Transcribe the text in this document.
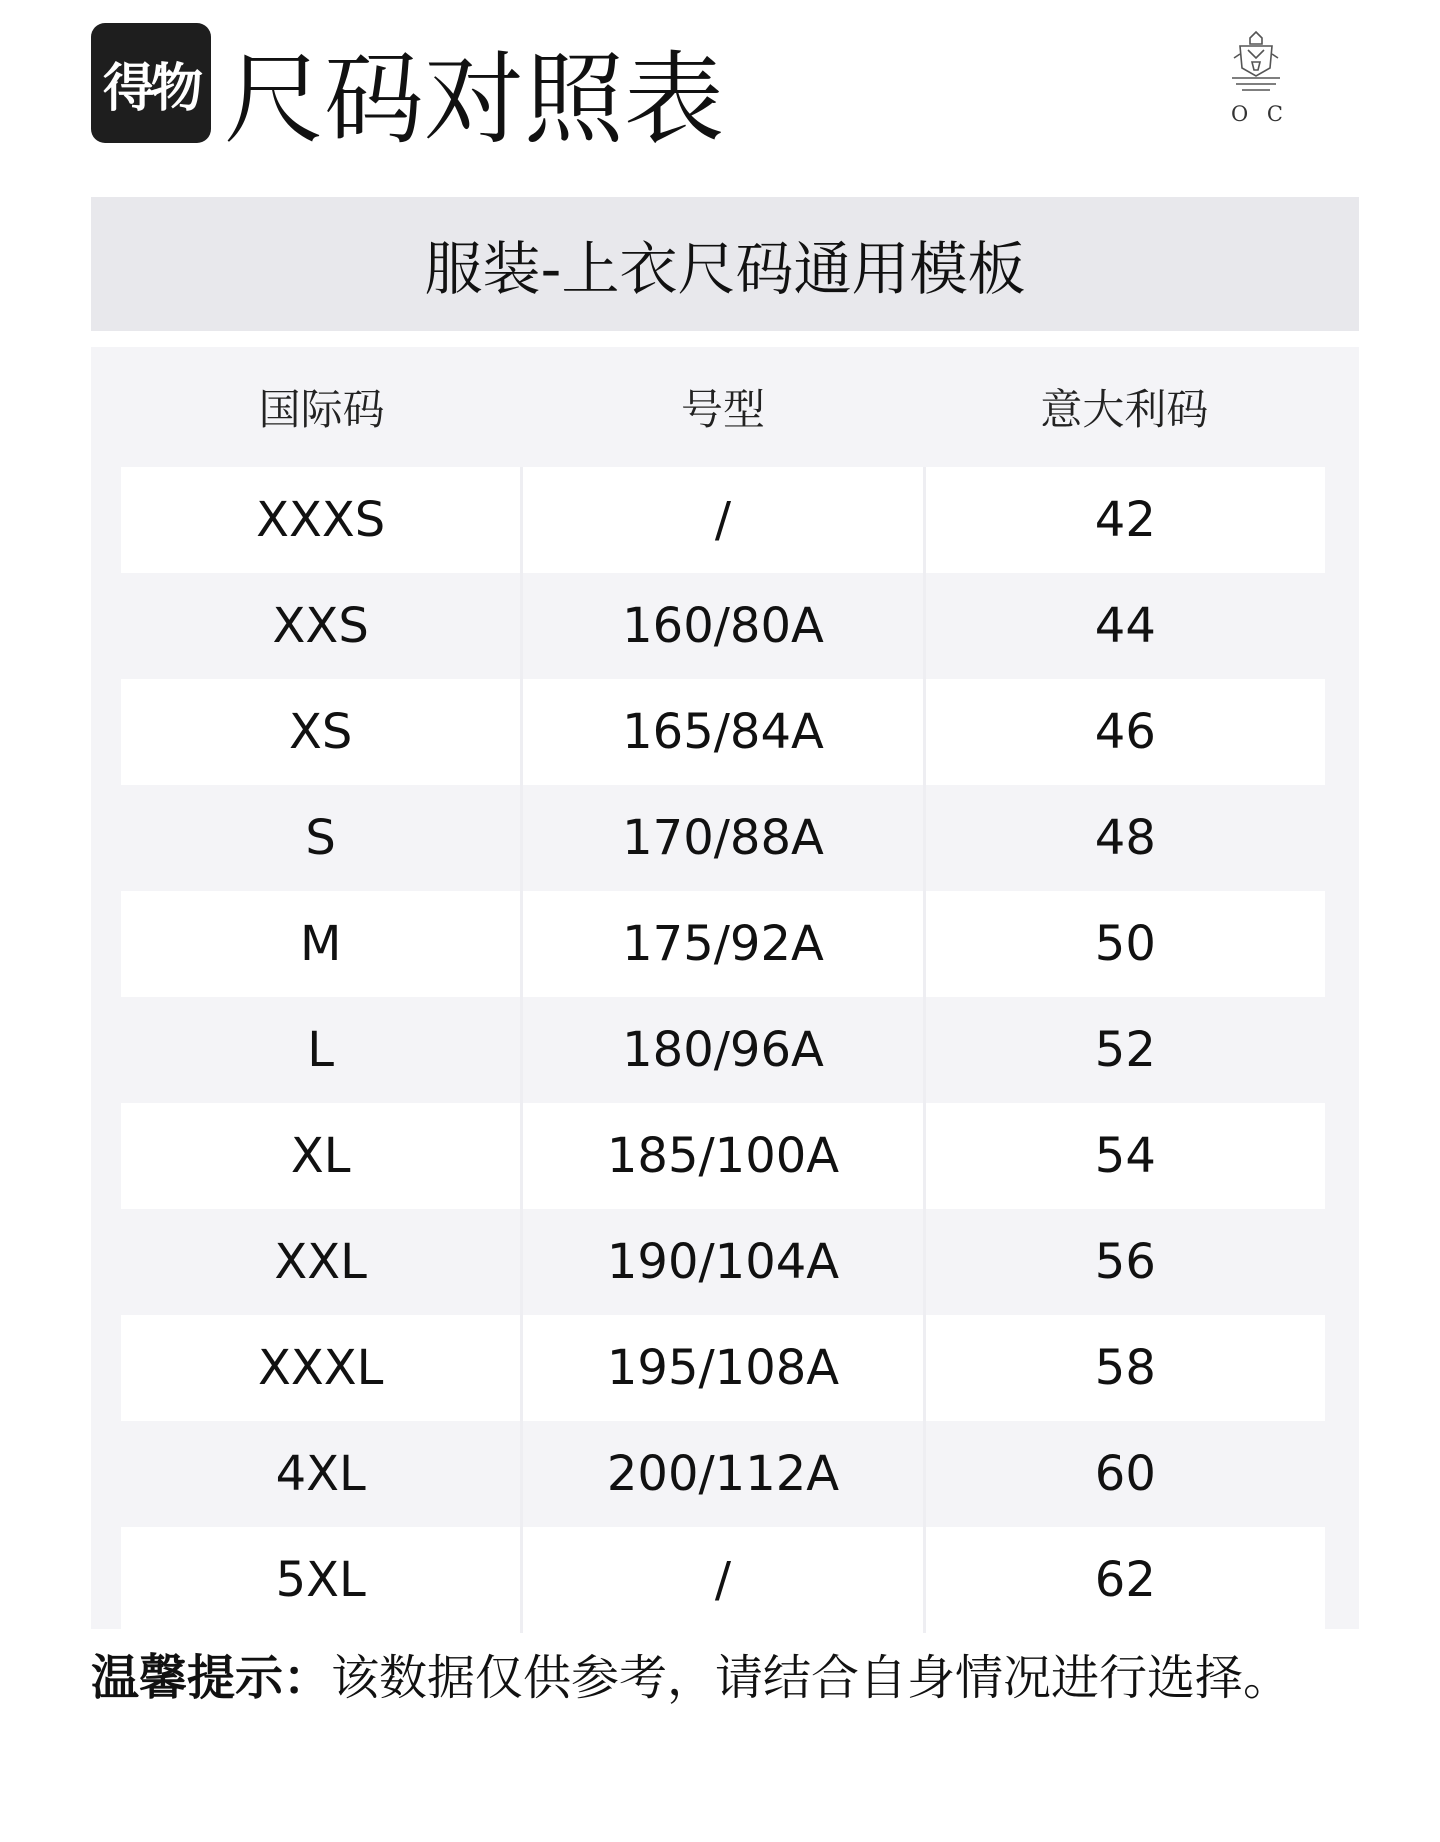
得物 尺码对照表	O C
服装-上衣尺码通用模板
国际码	号型	意大利码
XXXS	/	42
XXS	160/80A	44
XS	165/84A	46
S	170/88A	48
M	175/92A	50
L	180/96A	52
XL	185/100A	54
XXL	190/104A	56
XXXL	195/108A	58
4XL	200/112A	60
5XL	/	62
温馨提示：该数据仅供参考，请结合自身情况进行选择。
